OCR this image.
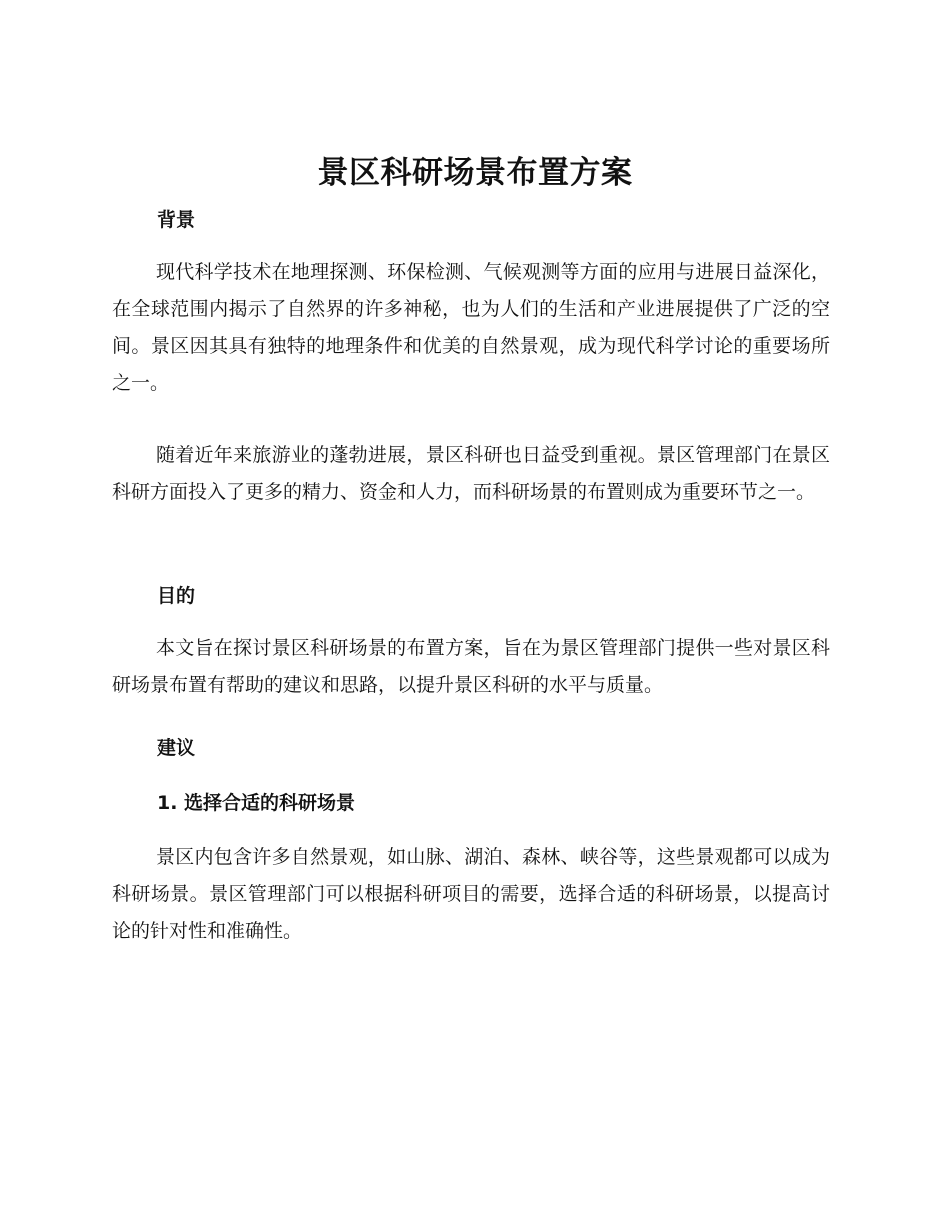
景区科研场景布置方案
背景

现代科学技术在地理探测、环保检测、气候观测等方面的应用与进展日益深化，在全球范围内揭示了自然界的许多神秘，也为人们的生活和产业进展提供了广泛的空间。景区因其具有独特的地理条件和优美的自然景观，成为现代科学讨论的重要场所之一。

随着近年来旅游业的蓬勃进展，景区科研也日益受到重视。景区管理部门在景区科研方面投入了更多的精力、资金和人力，而科研场景的布置则成为重要环节之一。

目的

本文旨在探讨景区科研场景的布置方案，旨在为景区管理部门提供一些对景区科研场景布置有帮助的建议和思路，以提升景区科研的水平与质量。

建议
1. 选择合适的科研场景

景区内包含许多自然景观，如山脉、湖泊、森林、峡谷等，这些景观都可以成为科研场景。景区管理部门可以根据科研项目的需要，选择合适的科研场景，以提高讨论的针对性和准确性。
